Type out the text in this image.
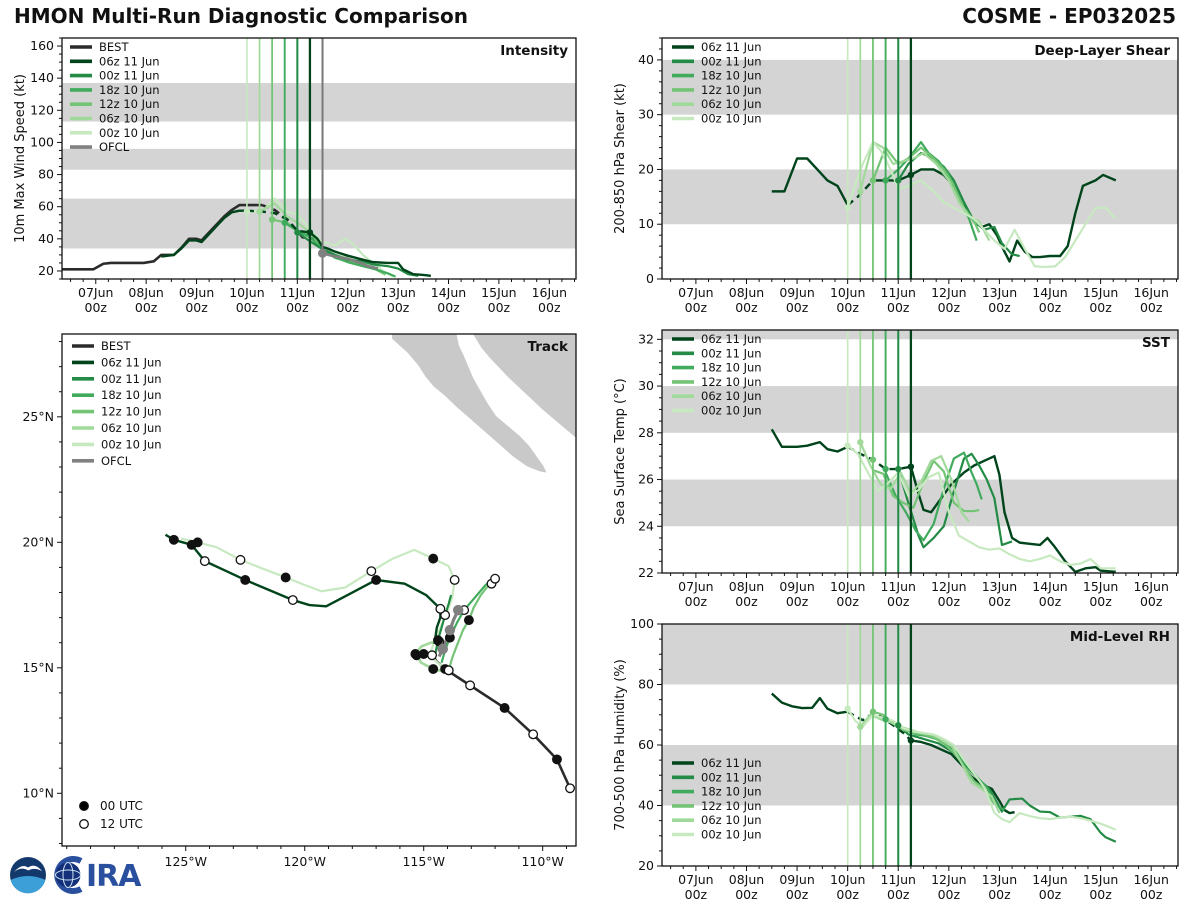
HMON Multi-Run Diagnostic Comparison	COSME - EP032025
07Jun
00z
08Jun
00z
09Jun
00z
10Jun
00z
11Jun
00z
12Jun
00z
13Jun
00z
14Jun
00z
15Jun
00z
16Jun
00z
20
40
60
80
100
120
140
160
10m Max Wind Speed (kt)
Intensity
BEST
06z 11 Jun
00z 11 Jun
18z 10 Jun
12z 10 Jun
06z 10 Jun
00z 10 Jun
OFCL
07Jun
00z
08Jun
00z
09Jun
00z
10Jun
00z
11Jun
00z
12Jun
00z
13Jun
00z
14Jun
00z
15Jun
00z
16Jun
00z
0
10
20
30
40
200-850 hPa Shear (kt)
Deep-Layer Shear
06z 11 Jun
00z 11 Jun
18z 10 Jun
12z 10 Jun
06z 10 Jun
00z 10 Jun
07Jun
00z
08Jun
00z
09Jun
00z
10Jun
00z
11Jun
00z
12Jun
00z
13Jun
00z
14Jun
00z
15Jun
00z
16Jun
00z
22
24
26
28
30
32
Sea Surface Temp (°C)
SST
06z 11 Jun
00z 11 Jun
18z 10 Jun
12z 10 Jun
06z 10 Jun
00z 10 Jun
07Jun
00z
08Jun
00z
09Jun
00z
10Jun
00z
11Jun
00z
12Jun
00z
13Jun
00z
14Jun
00z
15Jun
00z
16Jun
00z
20
40
60
80
100
700-500 hPa Humidity (%)
Mid-Level RH
06z 11 Jun
00z 11 Jun
18z 10 Jun
12z 10 Jun
06z 10 Jun
00z 10 Jun
125°W	120°W	115°W	110°W
10°N
15°N
20°N
25°N
Track
BEST
06z 11 Jun
00z 11 Jun
18z 10 Jun
12z 10 Jun
06z 10 Jun
00z 10 Jun
OFCL
00 UTC
12 UTC
IRA
